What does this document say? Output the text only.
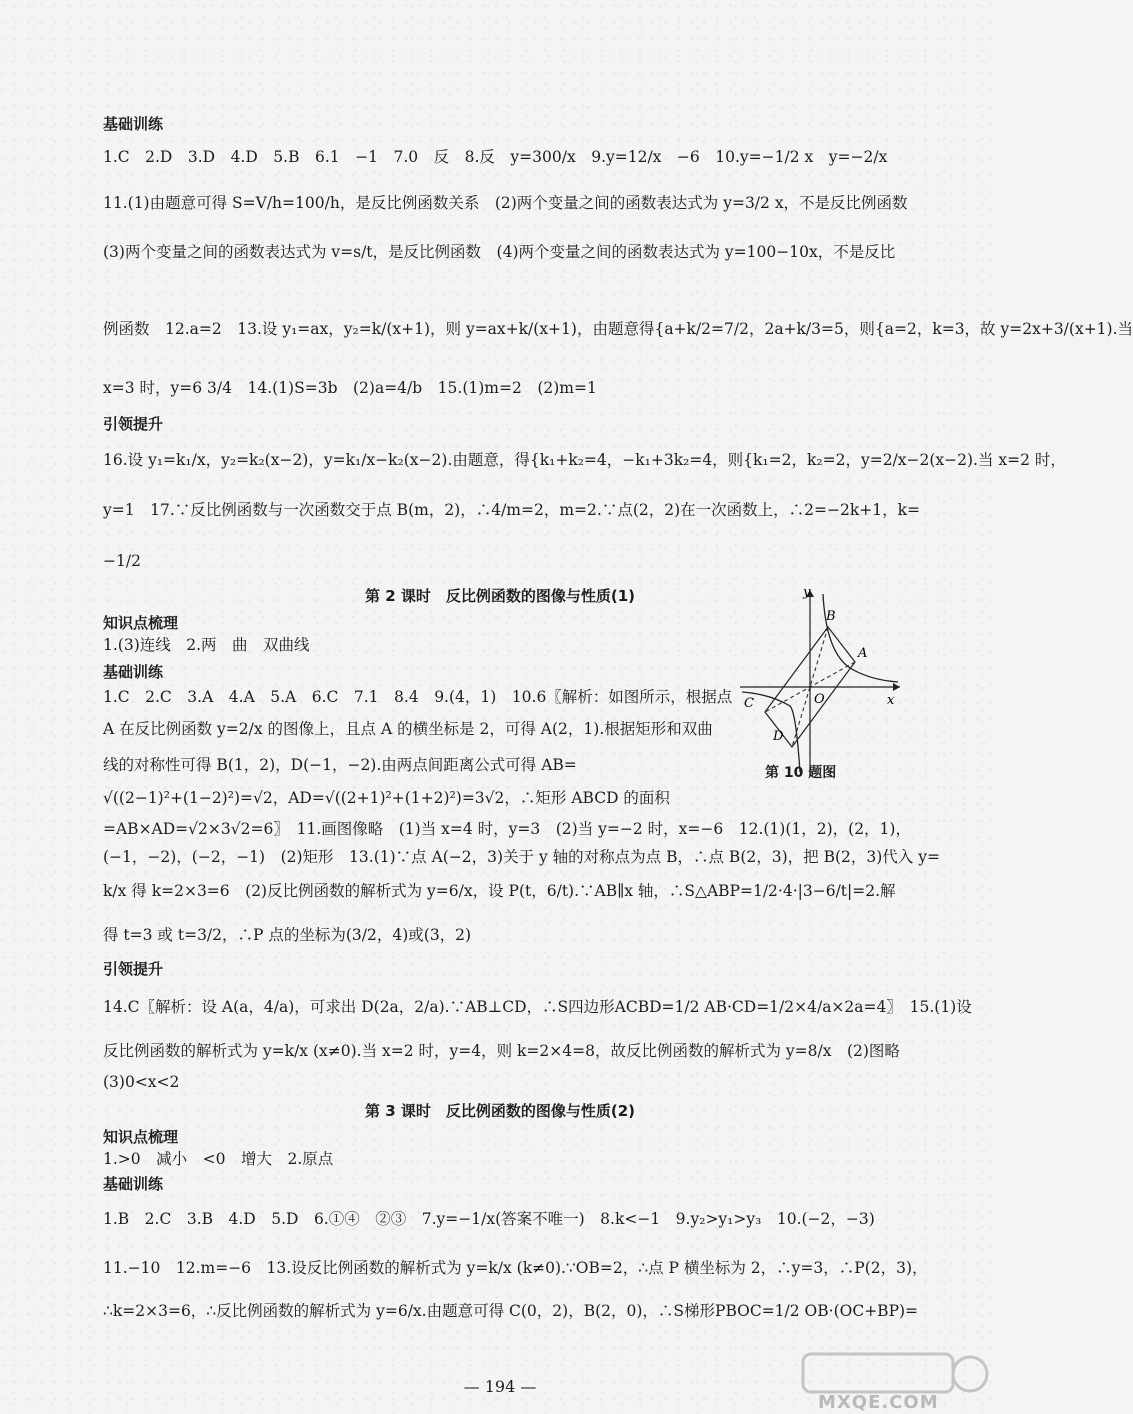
基础训练
1.C　2.D　3.D　4.D　5.B　6.1　−1　7.0　反　8.反　y=300/x　9.y=12/x　−6　10.y=−1/2 x　y=−2/x
11.(1)由题意可得 S=V/h=100/h，是反比例函数关系　(2)两个变量之间的函数表达式为 y=3/2 x，不是反比例函数
(3)两个变量之间的函数表达式为 v=s/t，是反比例函数　(4)两个变量之间的函数表达式为 y=100−10x，不是反比
例函数　12.a=2　13.设 y₁=ax，y₂=k/(x+1)，则 y=ax+k/(x+1)，由题意得{a+k/2=7/2，2a+k/3=5，则{a=2，k=3，故 y=2x+3/(x+1).当
x=3 时，y=6 3/4　14.(1)S=3b　(2)a=4/b　15.(1)m=2　(2)m=1
引领提升
16.设 y₁=k₁/x，y₂=k₂(x−2)，y=k₁/x−k₂(x−2).由题意，得{k₁+k₂=4，−k₁+3k₂=4，则{k₁=2，k₂=2，y=2/x−2(x−2).当 x=2 时，
y=1　17.∵反比例函数与一次函数交于点 B(m，2)，∴4/m=2，m=2.∵点(2，2)在一次函数上，∴2=−2k+1，k=
−1/2
第 2 课时　反比例函数的图像与性质(1)
知识点梳理
1.(3)连线　2.两　曲　双曲线
基础训练
1.C　2.C　3.A　4.A　5.A　6.C　7.1　8.4　9.(4，1)　10.6〖解析：如图所示，根据点
A 在反比例函数 y=2/x 的图像上，且点 A 的横坐标是 2，可得 A(2，1).根据矩形和双曲
线的对称性可得 B(1，2)，D(−1，−2).由两点间距离公式可得 AB=
√((2−1)²+(1−2)²)=√2，AD=√((2+1)²+(1+2)²)=3√2，∴矩形 ABCD 的面积
=AB×AD=√2×3√2=6〗　11.画图像略　(1)当 x=4 时，y=3　(2)当 y=−2 时，x=−6　12.(1)(1，2)，(2，1)，
(−1，−2)，(−2，−1)　(2)矩形　13.(1)∵点 A(−2，3)关于 y 轴的对称点为点 B，∴点 B(2，3)，把 B(2，3)代入 y=
k/x 得 k=2×3=6　(2)反比例函数的解析式为 y=6/x，设 P(t，6/t).∵AB∥x 轴，∴S△ABP=1/2·4·|3−6/t|=2.解
得 t=3 或 t=3/2，∴P 点的坐标为(3/2，4)或(3，2)
引领提升
14.C〖解析：设 A(a，4/a)，可求出 D(2a，2/a).∵AB⊥CD，∴S四边形ACBD=1/2 AB·CD=1/2×4/a×2a=4〗　15.(1)设
反比例函数的解析式为 y=k/x (x≠0).当 x=2 时，y=4，则 k=2×4=8，故反比例函数的解析式为 y=8/x　(2)图略
(3)0<x<2
第 3 课时　反比例函数的图像与性质(2)
知识点梳理
1.>0　减小　<0　增大　2.原点
基础训练
1.B　2.C　3.B　4.D　5.D　6.①④　②③　7.y=−1/x(答案不唯一)　8.k<−1　9.y₂>y₁>y₃　10.(−2，−3)
11.−10　12.m=−6　13.设反比例函数的解析式为 y=k/x (k≠0).∵OB=2，∴点 P 横坐标为 2，∴y=3，∴P(2，3)，
∴k=2×3=6，∴反比例函数的解析式为 y=6/x.由题意可得 C(0，2)，B(2，0)，∴S梯形PBOC=1/2 OB·(OC+BP)=
y
x
O
A
B
C
D
第 10 题图
— 194 —
MXQE.COM
